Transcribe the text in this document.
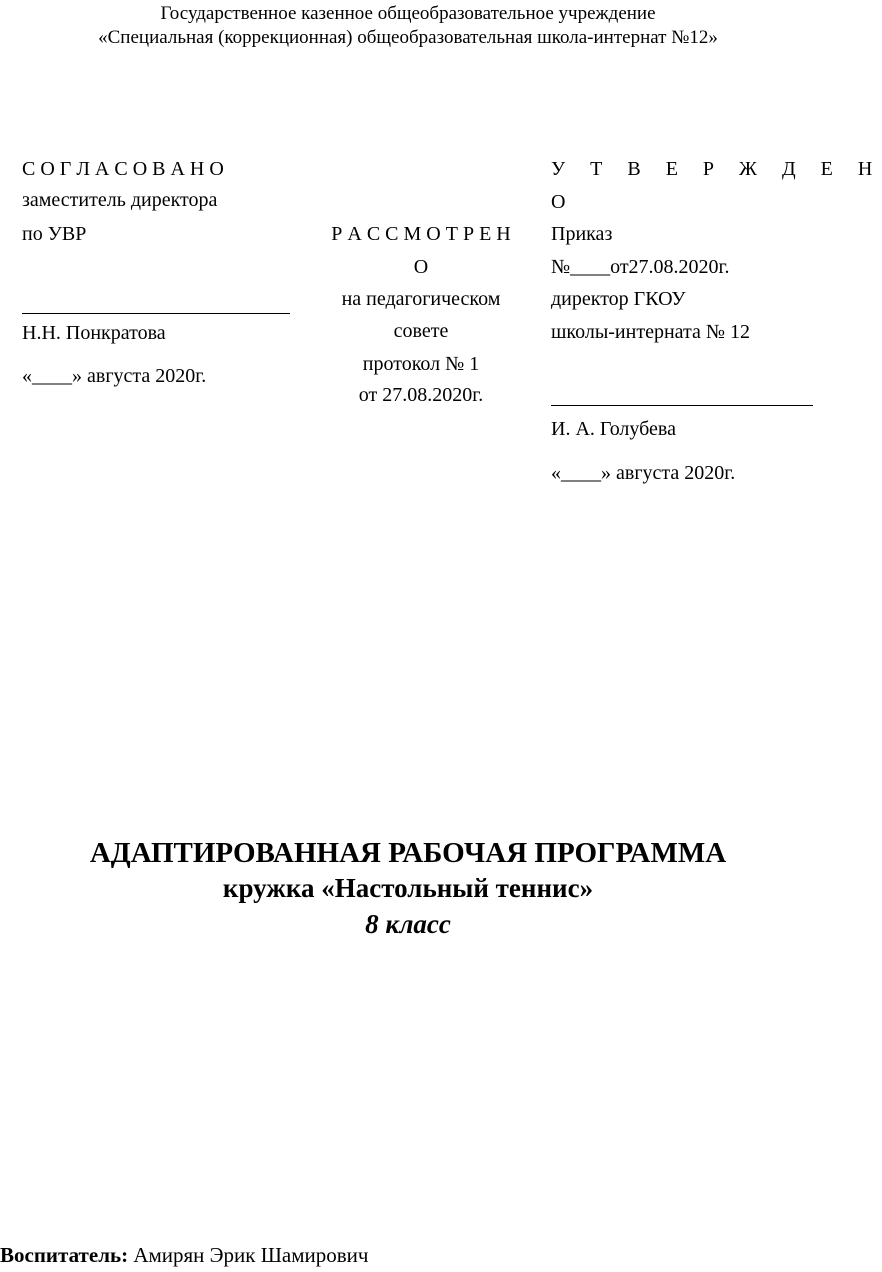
Государственное казенное общеобразовательное учреждение
«Специальная (коррекционная) общеобразовательная школа-интернат №12»
С О Г Л А С О В А Н О
заместитель директора
по УВР
Н.Н. Понкратова
«____» августа 2020г.
Р А С С М О Т Р Е Н
О
на педагогическом
совете
протокол № 1
от 27.08.2020г.
У Т В Е Р Ж Д Е Н
О
Приказ
№____от27.08.2020г.
директор ГКОУ
школы-интерната № 12
И. А. Голубева
«____» августа 2020г.
АДАПТИРОВАННАЯ РАБОЧАЯ ПРОГРАММА
кружка «Настольный теннис»
8 класс
Воспитатель: Амирян Эрик Шамирович
